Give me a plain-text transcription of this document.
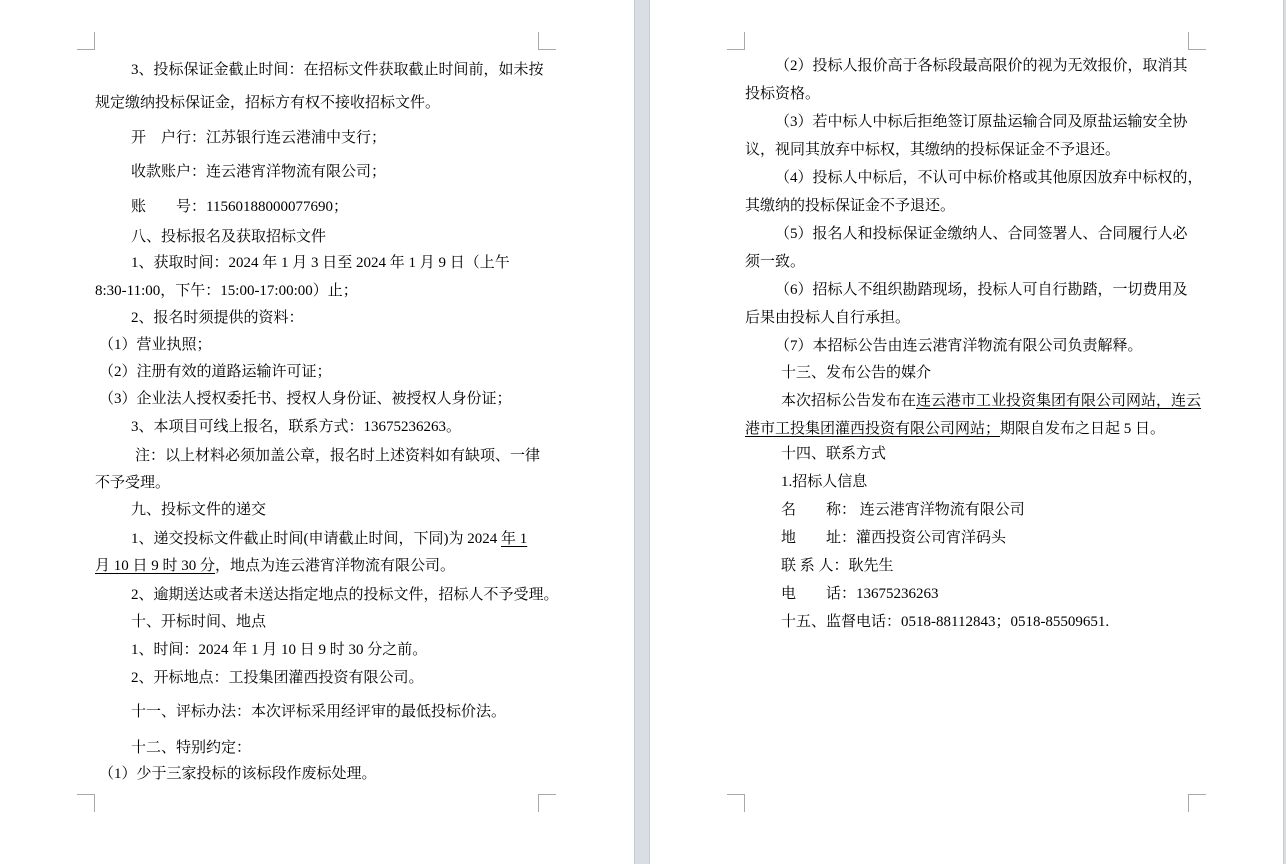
3、投标保证金截止时间：在招标文件获取截止时间前，如未按
规定缴纳投标保证金，招标方有权不接收招标文件。
开　户行：江苏银行连云港浦中支行；
收款账户：连云港宵洋物流有限公司；
账　　号：11560188000077690；
八、投标报名及获取招标文件
1、获取时间：2024 年 1 月 3 日至 2024 年 1 月 9 日（上午
8:30-11:00，下午：15:00-17:00:00）止；
2、报名时须提供的资料：
（1）营业执照；
（2）注册有效的道路运输许可证；
（3）企业法人授权委托书、授权人身份证、被授权人身份证；
3、本项目可线上报名，联系方式：13675236263。
注：以上材料必须加盖公章，报名时上述资料如有缺项、一律
不予受理。
九、投标文件的递交
1、递交投标文件截止时间(申请截止时间，下同)为 2024 年 1
月 10 日 9 时 30 分，地点为连云港宵洋物流有限公司。
2、逾期送达或者未送达指定地点的投标文件，招标人不予受理。
十、开标时间、地点
1、时间：2024 年 1 月 10 日 9 时 30 分之前。
2、开标地点：工投集团灌西投资有限公司。
十一、评标办法：本次评标采用经评审的最低投标价法。
十二、特别约定：
（1）少于三家投标的该标段作废标处理。
（2）投标人报价高于各标段最高限价的视为无效报价，取消其
投标资格。
（3）若中标人中标后拒绝签订原盐运输合同及原盐运输安全协
议，视同其放弃中标权，其缴纳的投标保证金不予退还。
（4）投标人中标后，不认可中标价格或其他原因放弃中标权的，
其缴纳的投标保证金不予退还。
（5）报名人和投标保证金缴纳人、合同签署人、合同履行人必
须一致。
（6）招标人不组织勘踏现场，投标人可自行勘踏，一切费用及
后果由投标人自行承担。
（7）本招标公告由连云港宵洋物流有限公司负责解释。
十三、发布公告的媒介
本次招标公告发布在连云港市工业投资集团有限公司网站，连云
港市工投集团灌西投资有限公司网站；期限自发布之日起 5 日。
十四、联系方式
1.招标人信息
名　　称： 连云港宵洋物流有限公司
地　　址：灌西投资公司宵洋码头
联 系 人：耿先生
电　　话：13675236263
十五、监督电话：0518-88112843；0518-85509651.
